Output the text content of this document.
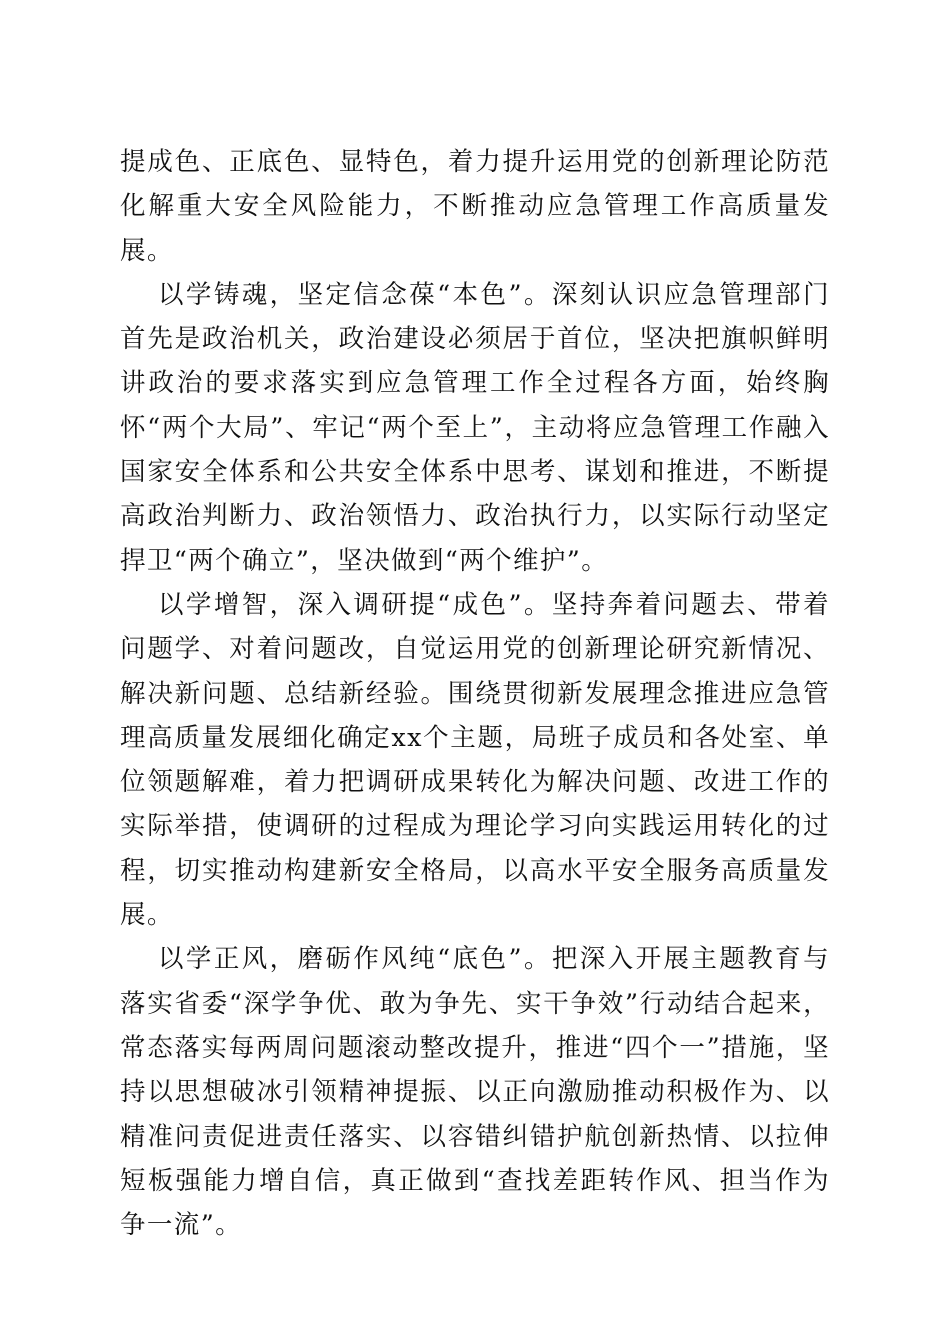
提成色、正底色、显特色，着力提升运用党的创新理论防范化解重大安全风险能力，不断推动应急管理工作高质量发展。

以学铸魂，坚定信念葆“本色”。深刻认识应急管理部门首先是政治机关，政治建设必须居于首位，坚决把旗帜鲜明讲政治的要求落实到应急管理工作全过程各方面，始终胸怀“两个大局”、牢记“两个至上”，主动将应急管理工作融入国家安全体系和公共安全体系中思考、谋划和推进，不断提高政治判断力、政治领悟力、政治执行力，以实际行动坚定捍卫“两个确立”，坚决做到“两个维护”。

以学增智，深入调研提“成色”。坚持奔着问题去、带着问题学、对着问题改，自觉运用党的创新理论研究新情况、解决新问题、总结新经验。围绕贯彻新发展理念推进应急管理高质量发展细化确定xx个主题，局班子成员和各处室、单位领题解难，着力把调研成果转化为解决问题、改进工作的实际举措，使调研的过程成为理论学习向实践运用转化的过程，切实推动构建新安全格局，以高水平安全服务高质量发展。

以学正风，磨砺作风纯“底色”。把深入开展主题教育与落实省委“深学争优、敢为争先、实干争效”行动结合起来，常态落实每两周问题滚动整改提升，推进“四个一”措施，坚持以思想破冰引领精神提振、以正向激励推动积极作为、以精准问责促进责任落实、以容错纠错护航创新热情、以拉伸短板强能力增自信，真正做到“查找差距转作风、担当作为争一流”。
